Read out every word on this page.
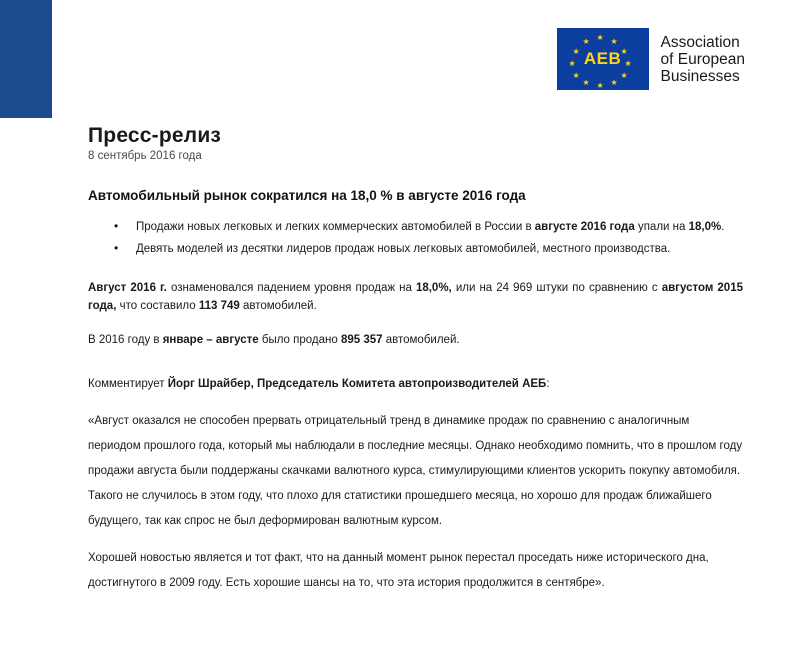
★ ★ ★
★
★
★
★
★
★
★
★
★ AEB
Association
of European
Businesses
Пресс-релиз
8 сентябрь 2016 года
Автомобильный рынок сократился на 18,0 % в августе 2016 года
• Продажи новых легковых и легких коммерческих автомобилей в России в августе 2016 года упали на 18,0%.
• Девять моделей из десятки лидеров продаж новых легковых автомобилей, местного производства.

Август 2016 г. ознаменовался падением уровня продаж на 18,0%, или на 24 969 штуки по сравнению с августом 2015 года, что составило 113 749 автомобилей.

В 2016 году в январе – августе было продано 895 357 автомобилей.

Комментирует Йорг Шрайбер, Председатель Комитета автопроизводителей АЕБ:

«Август оказался не способен прервать отрицательный тренд в динамике продаж по сравнению с аналогичным периодом прошлого года, который мы наблюдали в последние месяцы. Однако необходимо помнить, что в прошлом году продажи августа были поддержаны скачками валютного курса, стимулирующими клиентов ускорить покупку автомобиля. Такого не случилось в этом году, что плохо для статистики прошедшего месяца, но хорошо для продаж ближайшего будущего, так как спрос не был деформирован валютным курсом.

Хорошей новостью является и тот факт, что на данный момент рынок перестал проседать ниже исторического дна, достигнутого в 2009 году. Есть хорошие шансы на то, что эта история продолжится в сентябре».
